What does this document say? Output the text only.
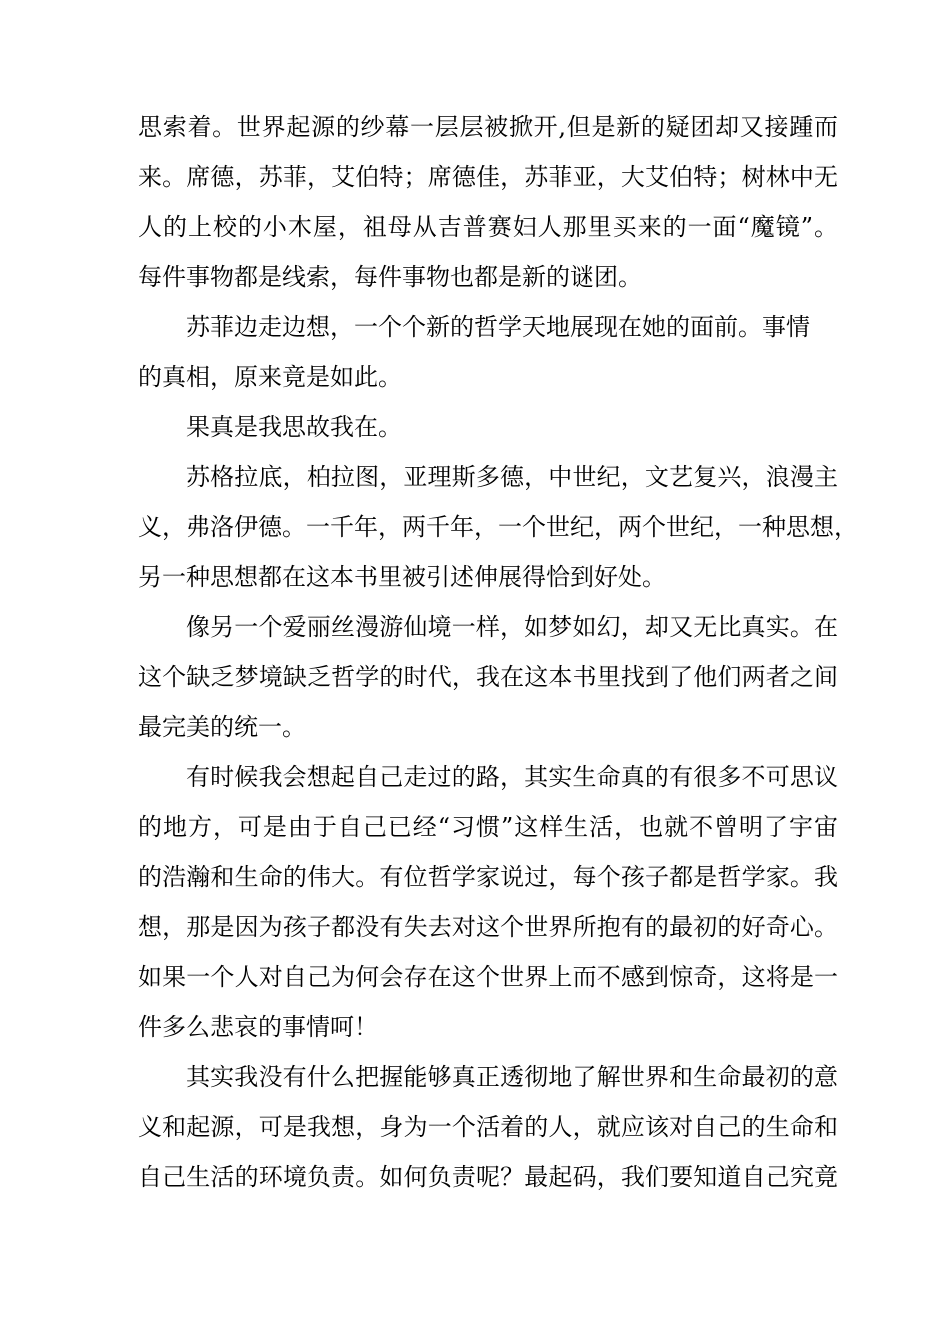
思索着。世界起源的纱幕一层层被掀开,但是新的疑团却又接踵而
来。席德，苏菲，艾伯特；席德佳，苏菲亚，大艾伯特；树林中无
人的上校的小木屋，祖母从吉普赛妇人那里买来的一面“魔镜”。
每件事物都是线索，每件事物也都是新的谜团。
苏菲边走边想，一个个新的哲学天地展现在她的面前。事情
的真相，原来竟是如此。
果真是我思故我在。
苏格拉底，柏拉图，亚理斯多德，中世纪，文艺复兴，浪漫主
义，弗洛伊德。一千年，两千年，一个世纪，两个世纪，一种思想，
另一种思想都在这本书里被引述伸展得恰到好处。
像另一个爱丽丝漫游仙境一样，如梦如幻，却又无比真实。在
这个缺乏梦境缺乏哲学的时代，我在这本书里找到了他们两者之间
最完美的统一。
有时候我会想起自己走过的路，其实生命真的有很多不可思议
的地方，可是由于自己已经“习惯”这样生活，也就不曾明了宇宙
的浩瀚和生命的伟大。有位哲学家说过，每个孩子都是哲学家。我
想，那是因为孩子都没有失去对这个世界所抱有的最初的好奇心。
如果一个人对自己为何会存在这个世界上而不感到惊奇，这将是一
件多么悲哀的事情呵！
其实我没有什么把握能够真正透彻地了解世界和生命最初的意
义和起源，可是我想，身为一个活着的人，就应该对自己的生命和
自己生活的环境负责。如何负责呢？最起码，我们要知道自己究竟
